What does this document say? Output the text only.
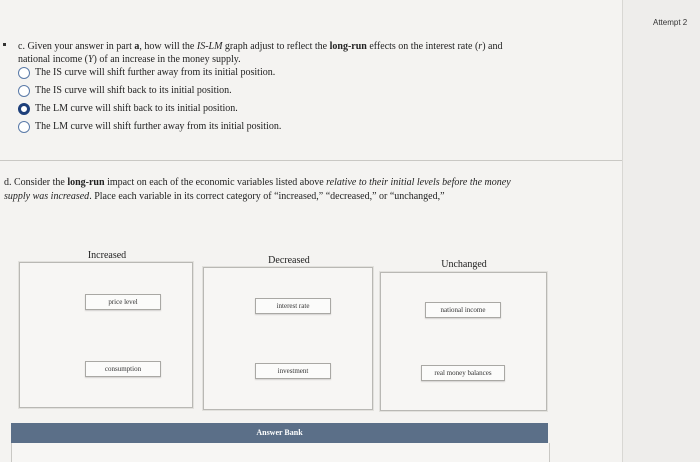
c. Given your answer in part a, how will the IS-LM graph adjust to reflect the long-run effects on the interest rate (r) and
national income (Y) of an increase in the money supply.
The IS curve will shift further away from its initial position.
The IS curve will shift back to its initial position.
The LM curve will shift back to its initial position.
The LM curve will shift further away from its initial position.
d. Consider the long-run impact on each of the economic variables listed above relative to their initial levels before the money
supply was increased. Place each variable in its correct category of “increased,” “decreased,” or “unchanged,”
Increased	Decreased	Unchanged
price level
consumption
interest rate
investment
national income
real money balances
Answer Bank
Attempt 2
